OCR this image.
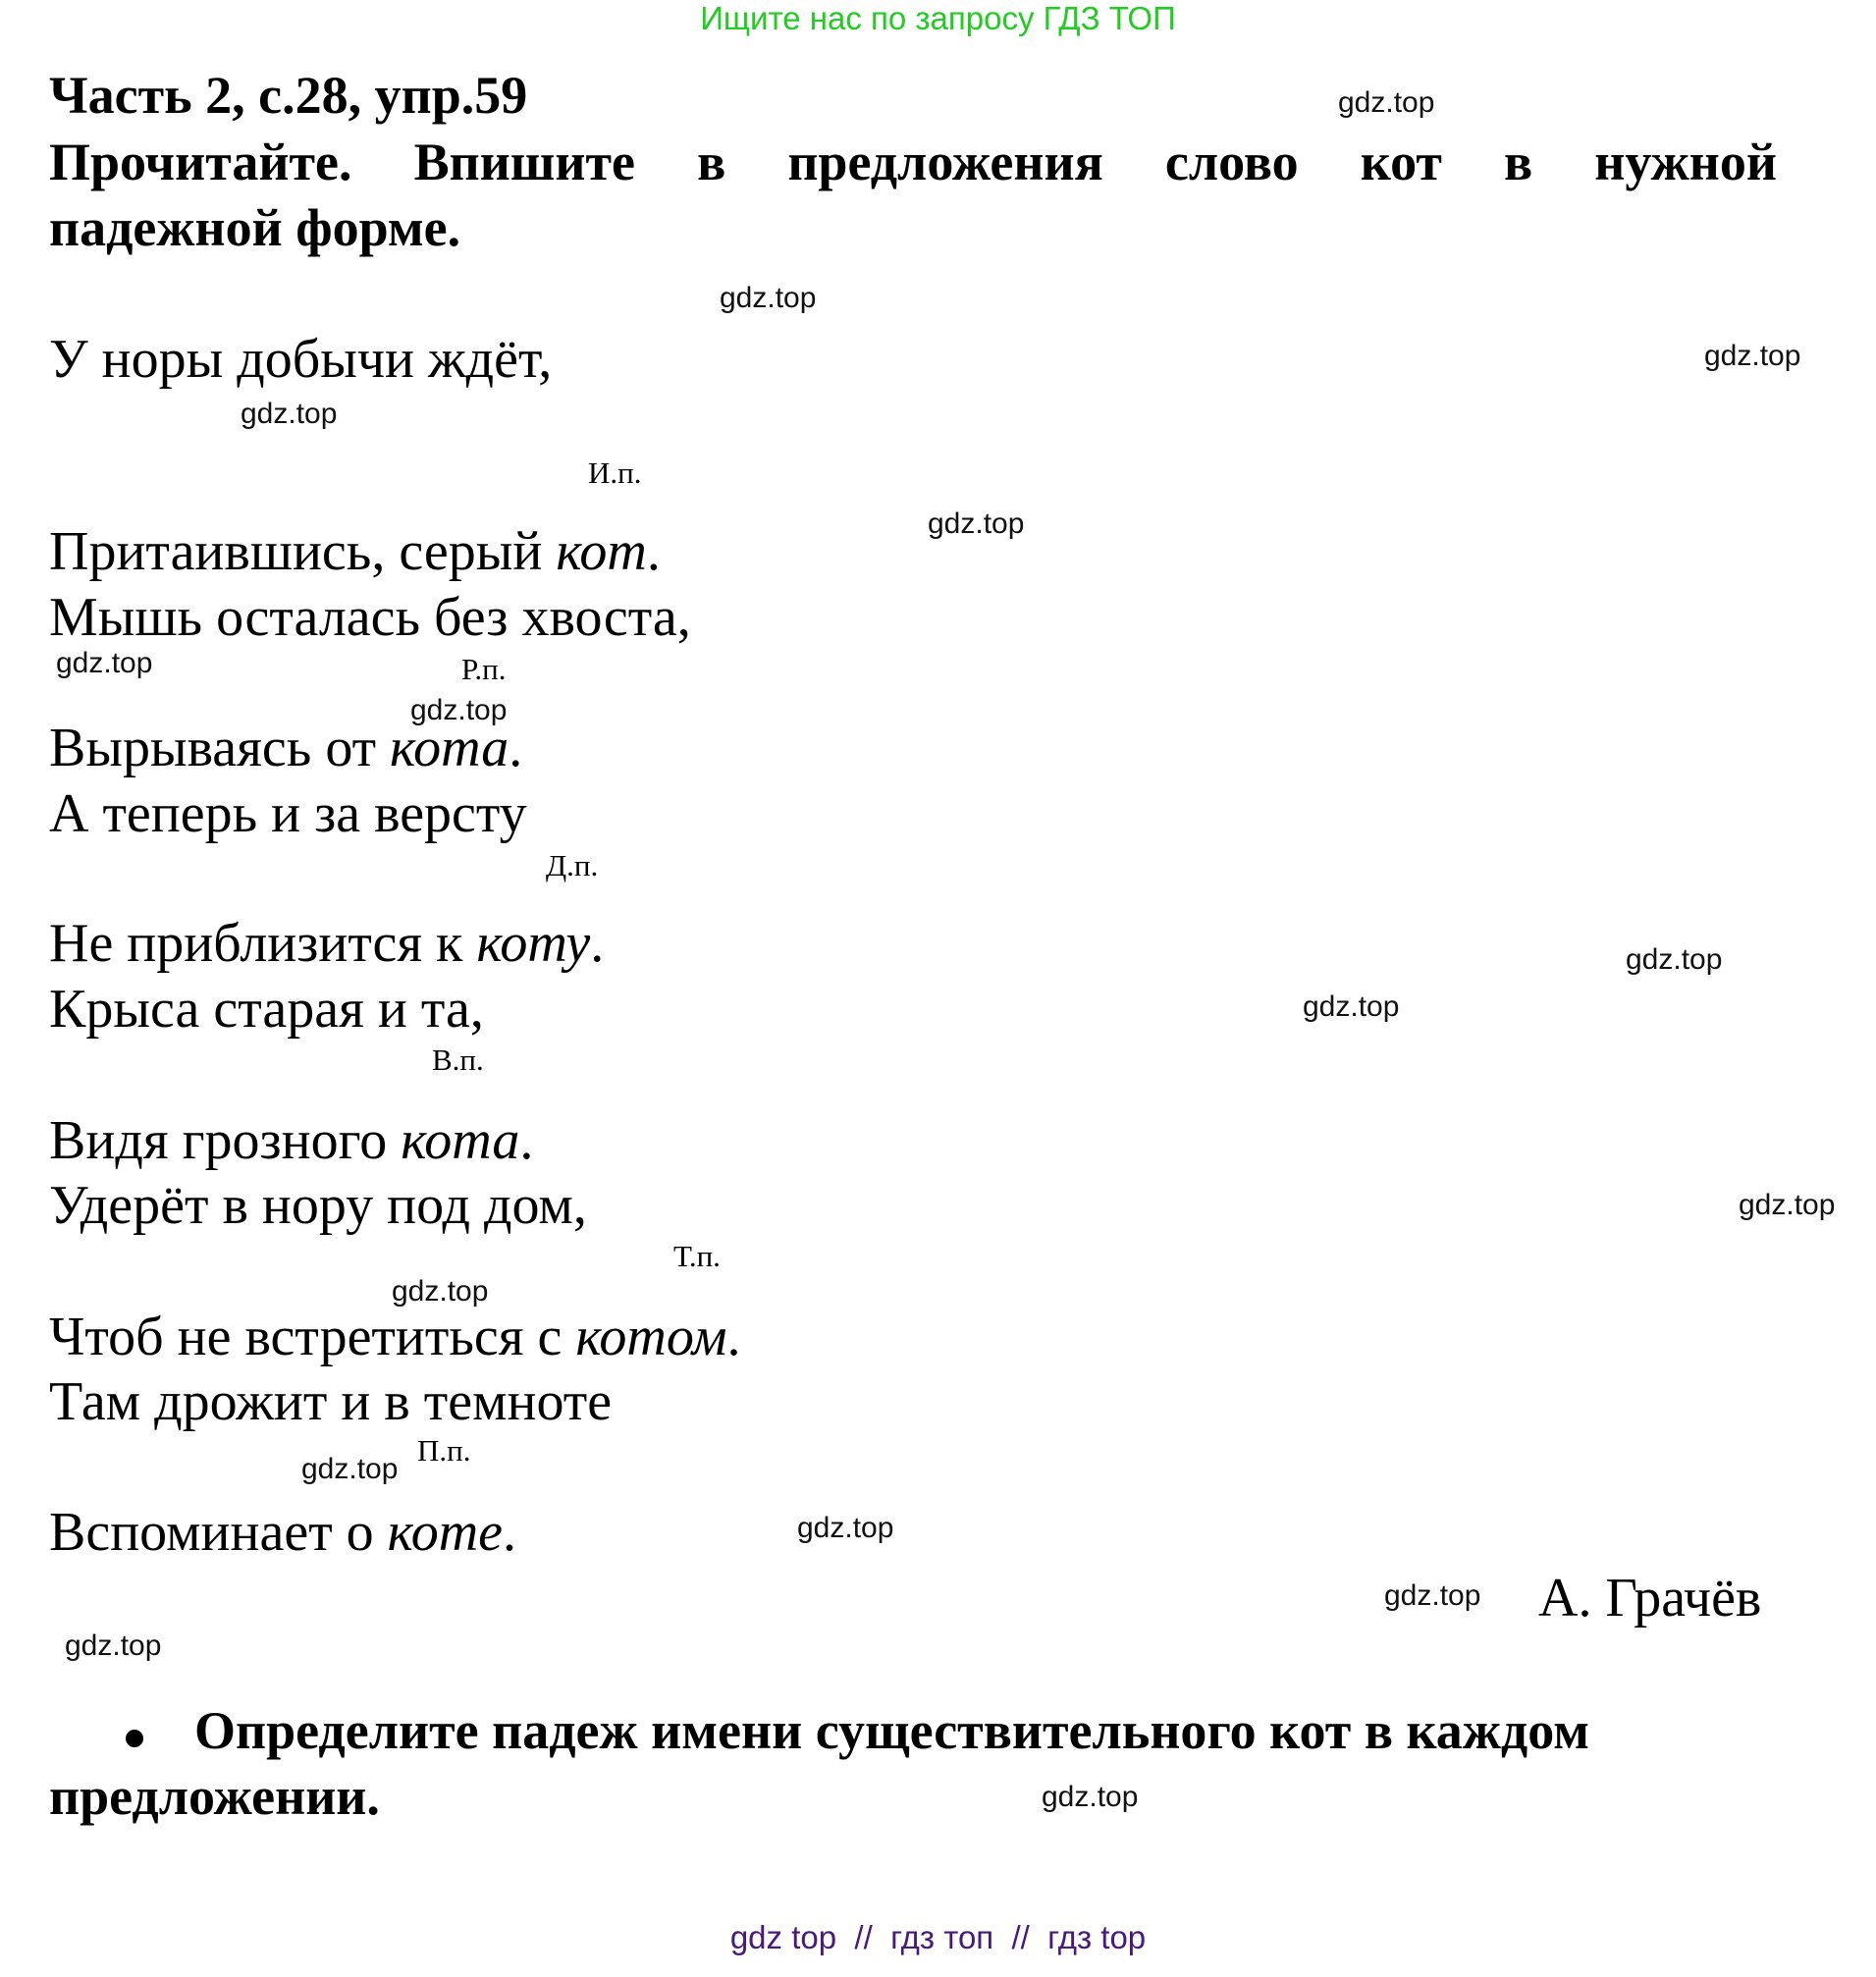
Ищите нас по запросу ГДЗ ТОП
Часть 2, с.28, упр.59
Прочитайте. Впишите в предложения слово кот в нужной
падежной форме.
У норы добычи ждёт,
Притаившись, серый кот.
Мышь осталась без хвоста,
Вырываясь от кота.
А теперь и за версту
Не приблизится к коту.
Крыса старая и та,
Видя грозного кота.
Удерёт в нору под дом,
Чтоб не встретиться с котом.
Там дрожит и в темноте
Вспоминает о коте.
И.п.
Р.п.
Д.п.
В.п.
Т.п.
П.п.
А. Грачёв
Определите падеж имени существительного кот в каждом
предложении.
gdz.top
gdz.top
gdz.top
gdz.top
gdz.top
gdz.top
gdz.top
gdz.top
gdz.top
gdz.top
gdz.top
gdz.top
gdz.top
gdz.top
gdz.top
gdz.top
gdz top  //  гдз топ  //  гдз top
